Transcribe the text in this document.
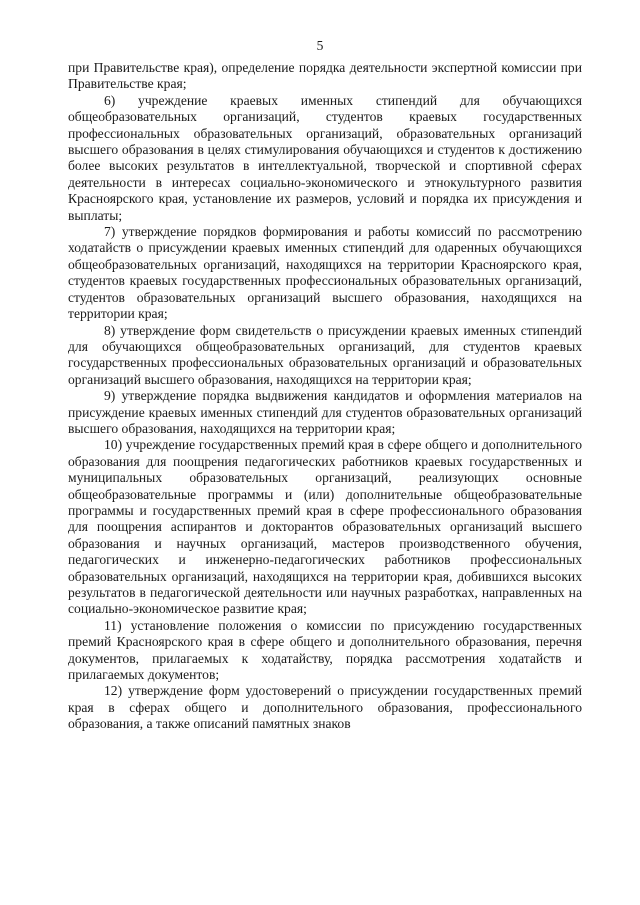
5

при Правительстве края), определение порядка деятельности экспертной комиссии при Правительстве края;

6) учреждение краевых именных стипендий для обучающихся общеобразовательных организаций, студентов краевых государственных профессиональных образовательных организаций, образовательных организаций высшего образования в целях стимулирования обучающихся и студентов к достижению более высоких результатов в интеллектуальной, творческой и спортивной сферах деятельности в интересах социально-экономического и этнокультурного развития Красноярского края, установление их размеров, условий и порядка их присуждения и выплаты;

7) утверждение порядков формирования и работы комиссий по рассмотрению ходатайств о присуждении краевых именных стипендий для одаренных обучающихся общеобразовательных организаций, находящихся на территории Красноярского края, студентов краевых государственных профессиональных образовательных организаций, студентов образовательных организаций высшего образования, находящихся на территории края;

8) утверждение форм свидетельств о присуждении краевых именных стипендий для обучающихся общеобразовательных организаций, для студентов краевых государственных профессиональных образовательных организаций и образовательных организаций высшего образования, находящихся на территории края;

9) утверждение порядка выдвижения кандидатов и оформления материалов на присуждение краевых именных стипендий для студентов образовательных организаций высшего образования, находящихся на территории края;

10) учреждение государственных премий края в сфере общего и дополнительного образования для поощрения педагогических работников краевых государственных и муниципальных образовательных организаций, реализующих основные общеобразовательные программы и (или) дополнительные общеобразовательные программы и государственных премий края в сфере профессионального образования для поощрения аспирантов и докторантов образовательных организаций высшего образования и научных организаций, мастеров производственного обучения, педагогических и инженерно-педагогических работников профессиональных образовательных организаций, находящихся на территории края, добившихся высоких результатов в педагогической деятельности или научных разработках, направленных на социально-экономическое развитие края;

11) установление положения о комиссии по присуждению государственных премий Красноярского края в сфере общего и дополнительного образования, перечня документов, прилагаемых к ходатайству, порядка рассмотрения ходатайств и прилагаемых документов;

12) утверждение форм удостоверений о присуждении государственных премий края в сферах общего и дополнительного образования, профессионального образования, а также описаний памятных знаков
